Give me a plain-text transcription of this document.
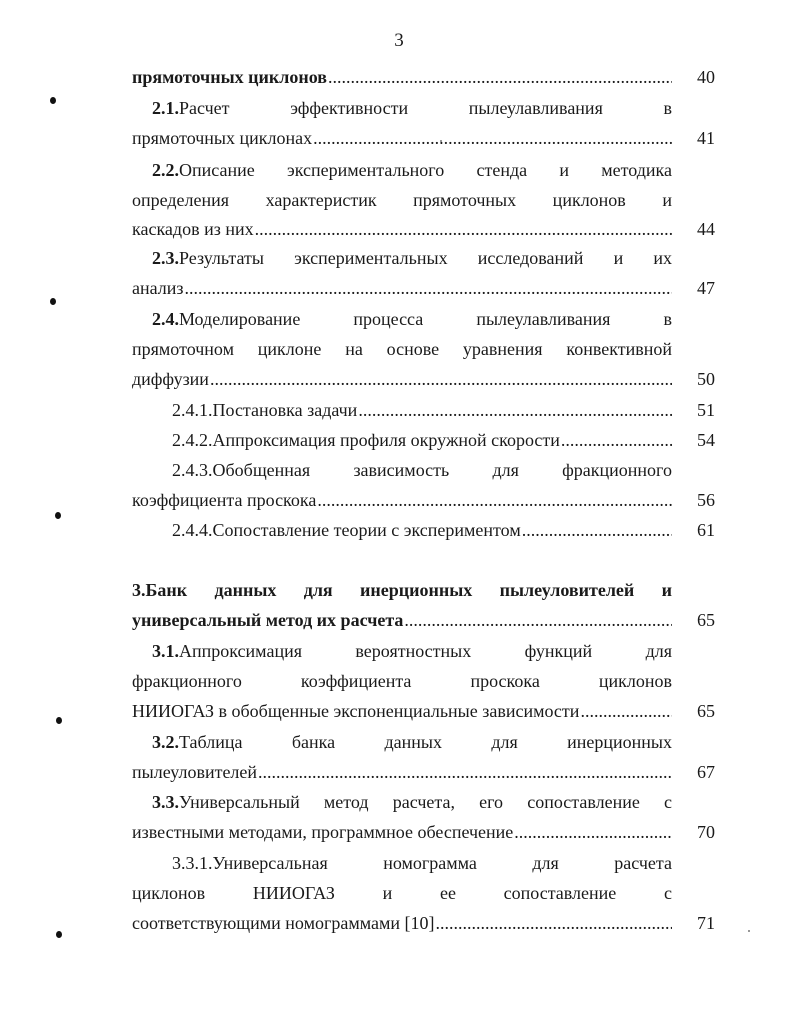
3
прямоточных циклонов .....	40
2.1.Расчет эффективности пылеулавливания в
прямоточных циклонах .....	41
2.2.Описание экспериментального стенда и методика
определения характеристик прямоточных циклонов и
каскадов из них .....	44
2.3.Результаты экспериментальных исследований и их
анализ .....	47
2.4.Моделирование процесса пылеулавливания в
прямоточном циклоне на основе уравнения конвективной
диффузии .....	50
2.4.1.Постановка задачи .....	51
2.4.2.Аппроксимация профиля окружной скорости .....	54
2.4.3.Обобщенная зависимость для фракционного
коэффициента проскока .....	56
2.4.4.Сопоставление теории с экспериментом .....	61
3.Банк данных для инерционных пылеуловителей и
универсальный метод их расчета .....	65
3.1.Аппроксимация вероятностных функций для
фракционного коэффициента проскока циклонов
НИИОГАЗ в обобщенные экспоненциальные зависимости .....	65
3.2.Таблица банка данных для инерционных
пылеуловителей .....	67
3.3.Универсальный метод расчета, его сопоставление с
известными методами, программное обеспечение .....	70
3.3.1.Универсальная номограмма для расчета
циклонов НИИОГАЗ и ее сопоставление с
соответствующими номограммами [10] .....	71
